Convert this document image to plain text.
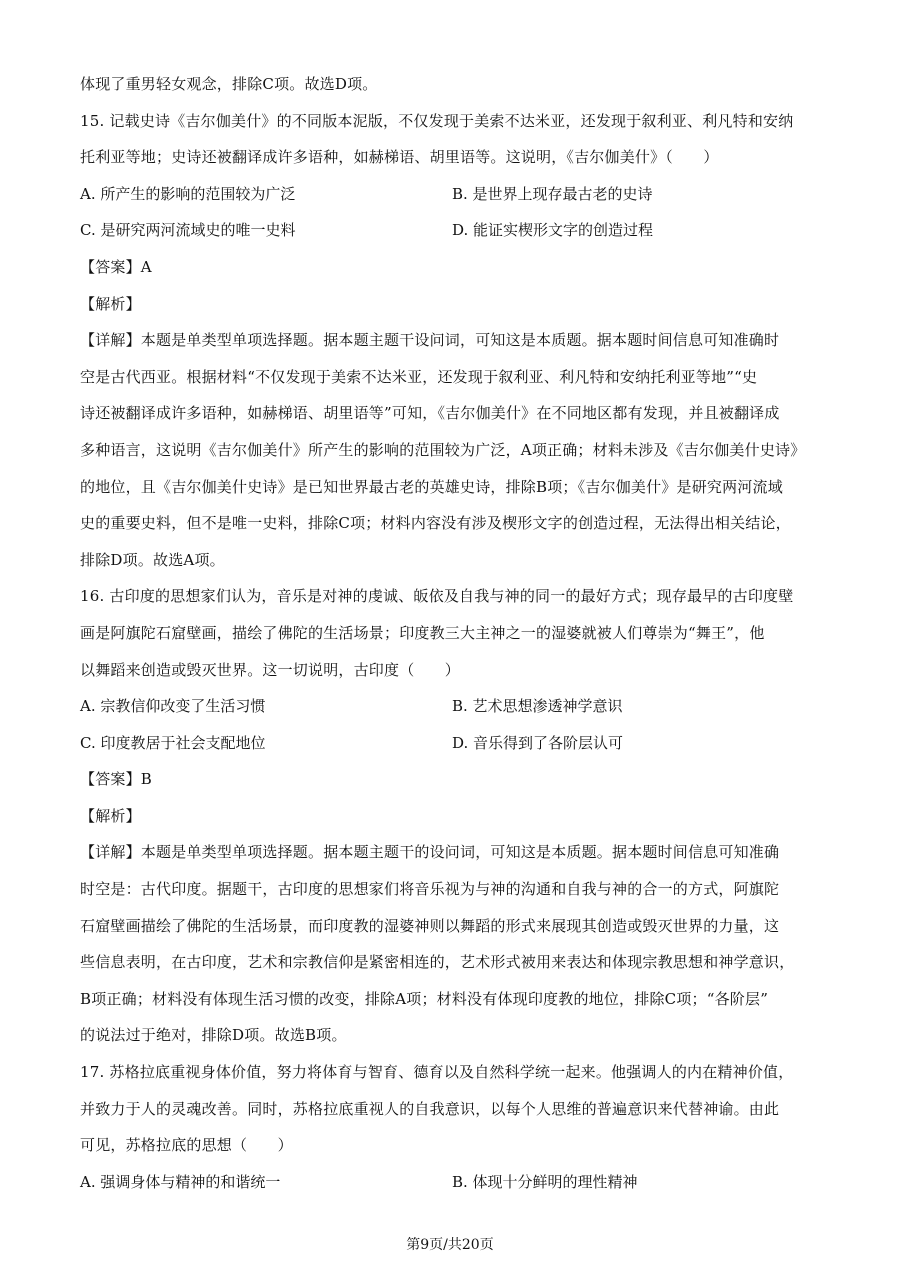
体现了重男轻女观念，排除C项。故选D项。
15. 记载史诗《吉尔伽美什》的不同版本泥版，不仅发现于美索不达米亚，还发现于叙利亚、利凡特和安纳
托利亚等地；史诗还被翻译成许多语种，如赫梯语、胡里语等。这说明，《吉尔伽美什》（　　）
A. 所产生的影响的范围较为广泛	B. 是世界上现存最古老的史诗
C. 是研究两河流域史的唯一史料	D. 能证实楔形文字的创造过程
【答案】A
【解析】
【详解】本题是单类型单项选择题。据本题主题干设问词，可知这是本质题。据本题时间信息可知准确时
空是古代西亚。根据材料“不仅发现于美索不达米亚，还发现于叙利亚、利凡特和安纳托利亚等地”“史
诗还被翻译成许多语种，如赫梯语、胡里语等”可知，《吉尔伽美什》在不同地区都有发现，并且被翻译成
多种语言，这说明《吉尔伽美什》所产生的影响的范围较为广泛，A项正确；材料未涉及《吉尔伽美什史诗》
的地位，且《吉尔伽美什史诗》是已知世界最古老的英雄史诗，排除B项；《吉尔伽美什》是研究两河流域
史的重要史料，但不是唯一史料，排除C项；材料内容没有涉及楔形文字的创造过程，无法得出相关结论，
排除D项。故选A项。
16. 古印度的思想家们认为，音乐是对神的虔诚、皈依及自我与神的同一的最好方式；现存最早的古印度壁
画是阿旗陀石窟壁画，描绘了佛陀的生活场景；印度教三大主神之一的湿婆就被人们尊崇为“舞王”，他
以舞蹈来创造或毁灭世界。这一切说明，古印度（　　）
A. 宗教信仰改变了生活习惯	B. 艺术思想渗透神学意识
C. 印度教居于社会支配地位	D. 音乐得到了各阶层认可
【答案】B
【解析】
【详解】本题是单类型单项选择题。据本题主题干的设问词，可知这是本质题。据本题时间信息可知准确
时空是：古代印度。据题干，古印度的思想家们将音乐视为与神的沟通和自我与神的合一的方式，阿旗陀
石窟壁画描绘了佛陀的生活场景，而印度教的湿婆神则以舞蹈的形式来展现其创造或毁灭世界的力量，这
些信息表明，在古印度，艺术和宗教信仰是紧密相连的，艺术形式被用来表达和体现宗教思想和神学意识，
B项正确；材料没有体现生活习惯的改变，排除A项；材料没有体现印度教的地位，排除C项；“各阶层”
的说法过于绝对，排除D项。故选B项。
17. 苏格拉底重视身体价值，努力将体育与智育、德育以及自然科学统一起来。他强调人的内在精神价值，
并致力于人的灵魂改善。同时，苏格拉底重视人的自我意识，以每个人思维的普遍意识来代替神谕。由此
可见，苏格拉底的思想（　　）
A. 强调身体与精神的和谐统一	B. 体现十分鲜明的理性精神
第9页/共20页
